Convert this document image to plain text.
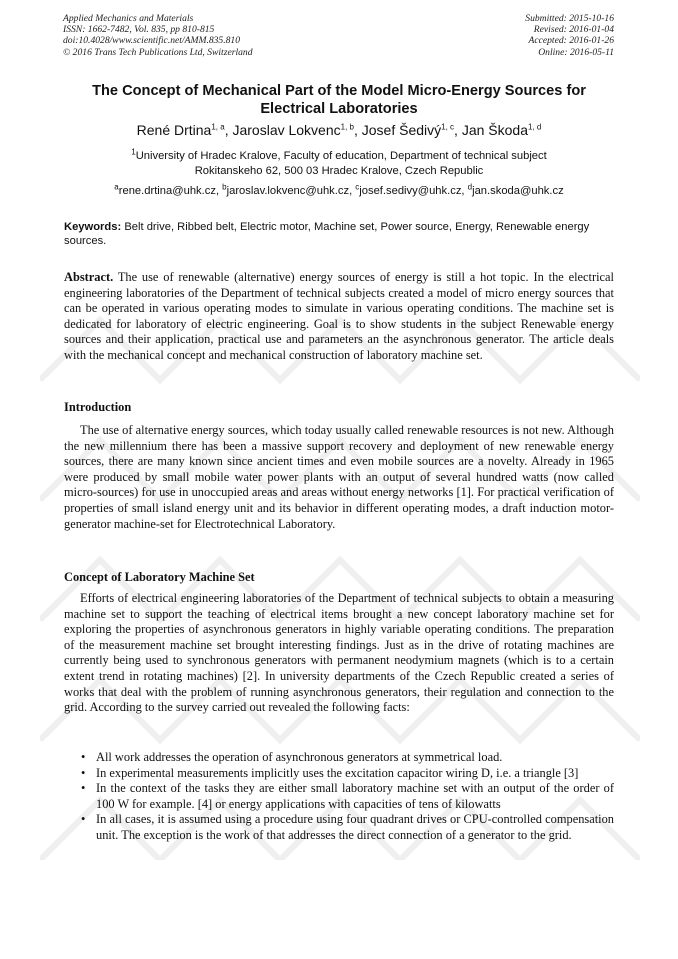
Applied Mechanics and Materials
ISSN: 1662-7482, Vol. 835, pp 810-815
doi:10.4028/www.scientific.net/AMM.835.810
© 2016 Trans Tech Publications Ltd, Switzerland
Submitted: 2015-10-16
Revised: 2016-01-04
Accepted: 2016-01-26
Online: 2016-05-11
The Concept of Mechanical Part of the Model Micro-Energy Sources for
Electrical Laboratories
René Drtina$^{1, a}$, Jaroslav Lokvenc$^{1, b}$, Josef Šedivý$^{1, c}$, Jan Škoda$^{1, d}$
$^1$University of Hradec Kralove, Faculty of education, Department of technical subject
Rokitanskeho 62, 500 03 Hradec Kralove, Czech Republic
$^a$rene.drtina@uhk.cz, $^b$jaroslav.lokvenc@uhk.cz, $^c$josef.sedivy@uhk.cz, $^d$jan.skoda@uhk.cz
Keywords: Belt drive, Ribbed belt, Electric motor, Machine set, Power source, Energy, Renewable energy sources.
Abstract. The use of renewable (alternative) energy sources of energy is still a hot topic. In the electrical engineering laboratories of the Department of technical subjects created a model of micro energy sources that can be operated in various operating modes to simulate in various operating conditions. The machine set is dedicated for laboratory of electric engineering. Goal is to show students in the subject Renewable energy sources and their application, practical use and parameters an the asynchronous generator. The article deals with the mechanical concept and mechanical construction of laboratory machine set.
Introduction
The use of alternative energy sources, which today usually called renewable resources is not new. Although the new millennium there has been a massive support recovery and deployment of new renewable energy sources, there are many known since ancient times and even mobile sources are a novelty. Already in 1965 were produced by small mobile water power plants with an output of several hundred watts (now called micro-sources) for use in unoccupied areas and areas without energy networks [1]. For practical verification of properties of small island energy unit and its behavior in different operating modes, a draft induction motor-generator machine-set for Electrotechnical Laboratory.
Concept of Laboratory Machine Set
Efforts of electrical engineering laboratories of the Department of technical subjects to obtain a measuring machine set to support the teaching of electrical items brought a new concept laboratory machine set for exploring the properties of asynchronous generators in highly variable operating conditions. The preparation of the measurement machine set brought interesting findings. Just as in the drive of rotating machines are currently being used to synchronous generators with permanent neodymium magnets (which is to a certain extent trend in rotating machines) [2]. In university departments of the Czech Republic created a series of works that deal with the problem of running asynchronous generators, their regulation and connection to the grid. According to the survey carried out revealed the following facts:
• All work addresses the operation of asynchronous generators at symmetrical load.
• In experimental measurements implicitly uses the excitation capacitor wiring D, i.e. a triangle [3]
• In the context of the tasks they are either small laboratory machine set with an output of the order of 100 W for example. [4] or energy applications with capacities of tens of kilowatts
• In all cases, it is assumed using a procedure using four quadrant drives or CPU-controlled compensation unit. The exception is the work of that addresses the direct connection of a generator to the grid.
